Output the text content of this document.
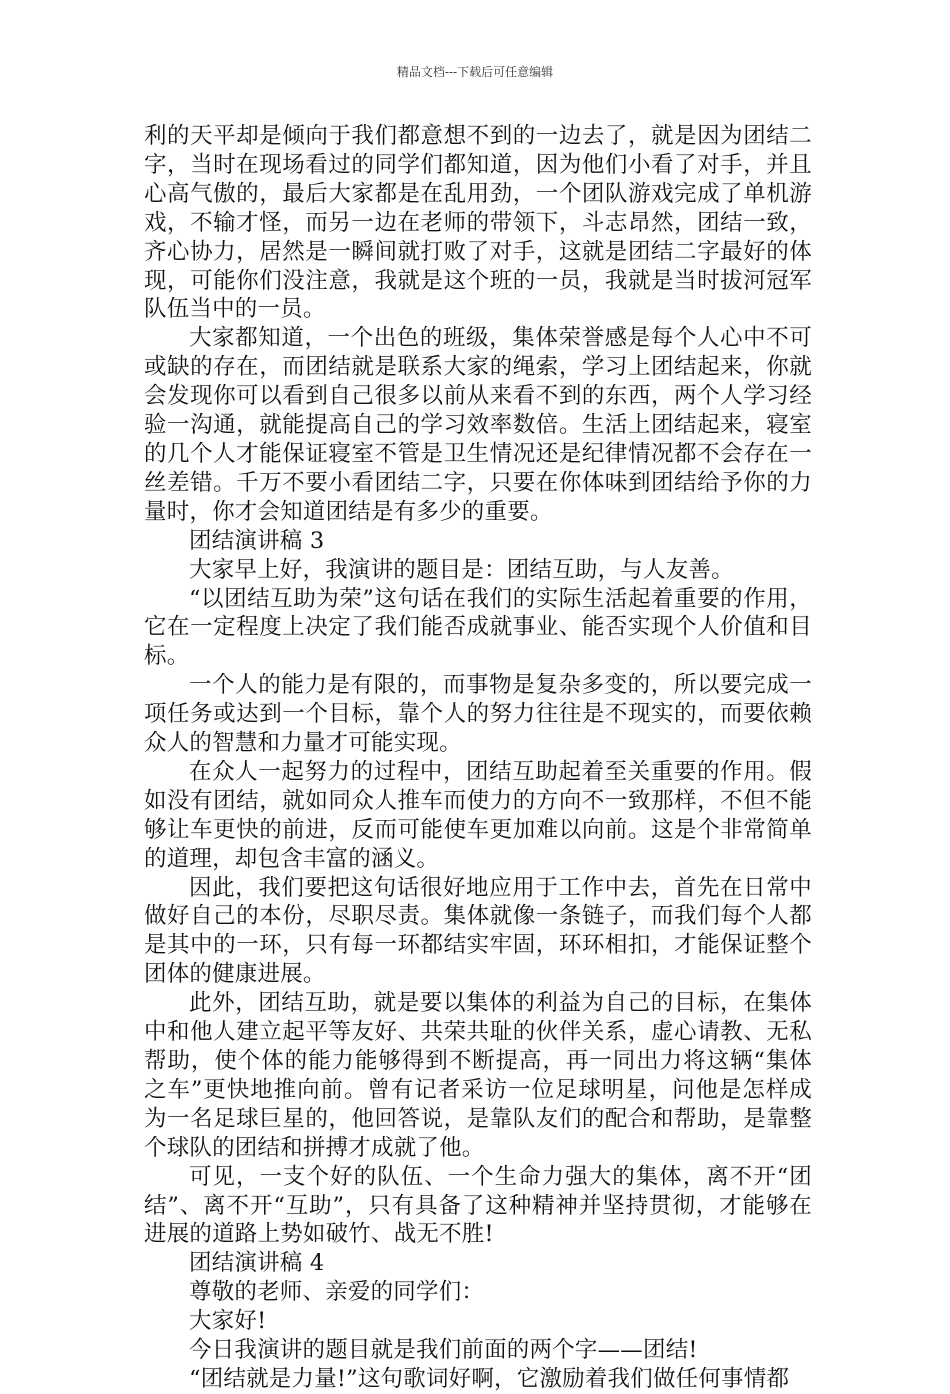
精品文档---下载后可任意编辑

利的天平却是倾向于我们都意想不到的一边去了，就是因为团结二字，当时在现场看过的同学们都知道，因为他们小看了对手，并且心高气傲的，最后大家都是在乱用劲，一个团队游戏完成了单机游戏，不输才怪，而另一边在老师的带领下，斗志昂然，团结一致，齐心协力，居然是一瞬间就打败了对手，这就是团结二字最好的体现，可能你们没注意，我就是这个班的一员，我就是当时拔河冠军队伍当中的一员。

大家都知道，一个出色的班级，集体荣誉感是每个人心中不可或缺的存在，而团结就是联系大家的绳索，学习上团结起来，你就会发现你可以看到自己很多以前从来看不到的东西，两个人学习经验一沟通，就能提高自己的学习效率数倍。生活上团结起来，寝室的几个人才能保证寝室不管是卫生情况还是纪律情况都不会存在一丝差错。千万不要小看团结二字，只要在你体味到团结给予你的力量时，你才会知道团结是有多少的重要。

团结演讲稿 3

大家早上好，我演讲的题目是：团结互助，与人友善。

“以团结互助为荣”这句话在我们的实际生活起着重要的作用，它在一定程度上决定了我们能否成就事业、能否实现个人价值和目标。

一个人的能力是有限的，而事物是复杂多变的，所以要完成一项任务或达到一个目标，靠个人的努力往往是不现实的，而要依赖众人的智慧和力量才可能实现。

在众人一起努力的过程中，团结互助起着至关重要的作用。假如没有团结，就如同众人推车而使力的方向不一致那样，不但不能够让车更快的前进，反而可能使车更加难以向前。这是个非常简单的道理，却包含丰富的涵义。

因此，我们要把这句话很好地应用于工作中去，首先在日常中做好自己的本份，尽职尽责。集体就像一条链子，而我们每个人都是其中的一环，只有每一环都结实牢固，环环相扣，才能保证整个团体的健康进展。

此外，团结互助，就是要以集体的利益为自己的目标，在集体中和他人建立起平等友好、共荣共耻的伙伴关系，虚心请教、无私帮助，使个体的能力能够得到不断提高，再一同出力将这辆“集体之车”更快地推向前。曾有记者采访一位足球明星，问他是怎样成为一名足球巨星的，他回答说，是靠队友们的配合和帮助，是靠整个球队的团结和拼搏才成就了他。

可见，一支个好的队伍、一个生命力强大的集体，离不开“团结”、离不开“互助”，只有具备了这种精神并坚持贯彻，才能够在进展的道路上势如破竹、战无不胜!

团结演讲稿 4

尊敬的老师、亲爱的同学们：

大家好!

今日我演讲的题目就是我们前面的两个字——团结!

“团结就是力量!”这句歌词好啊，它激励着我们做任何事情都
